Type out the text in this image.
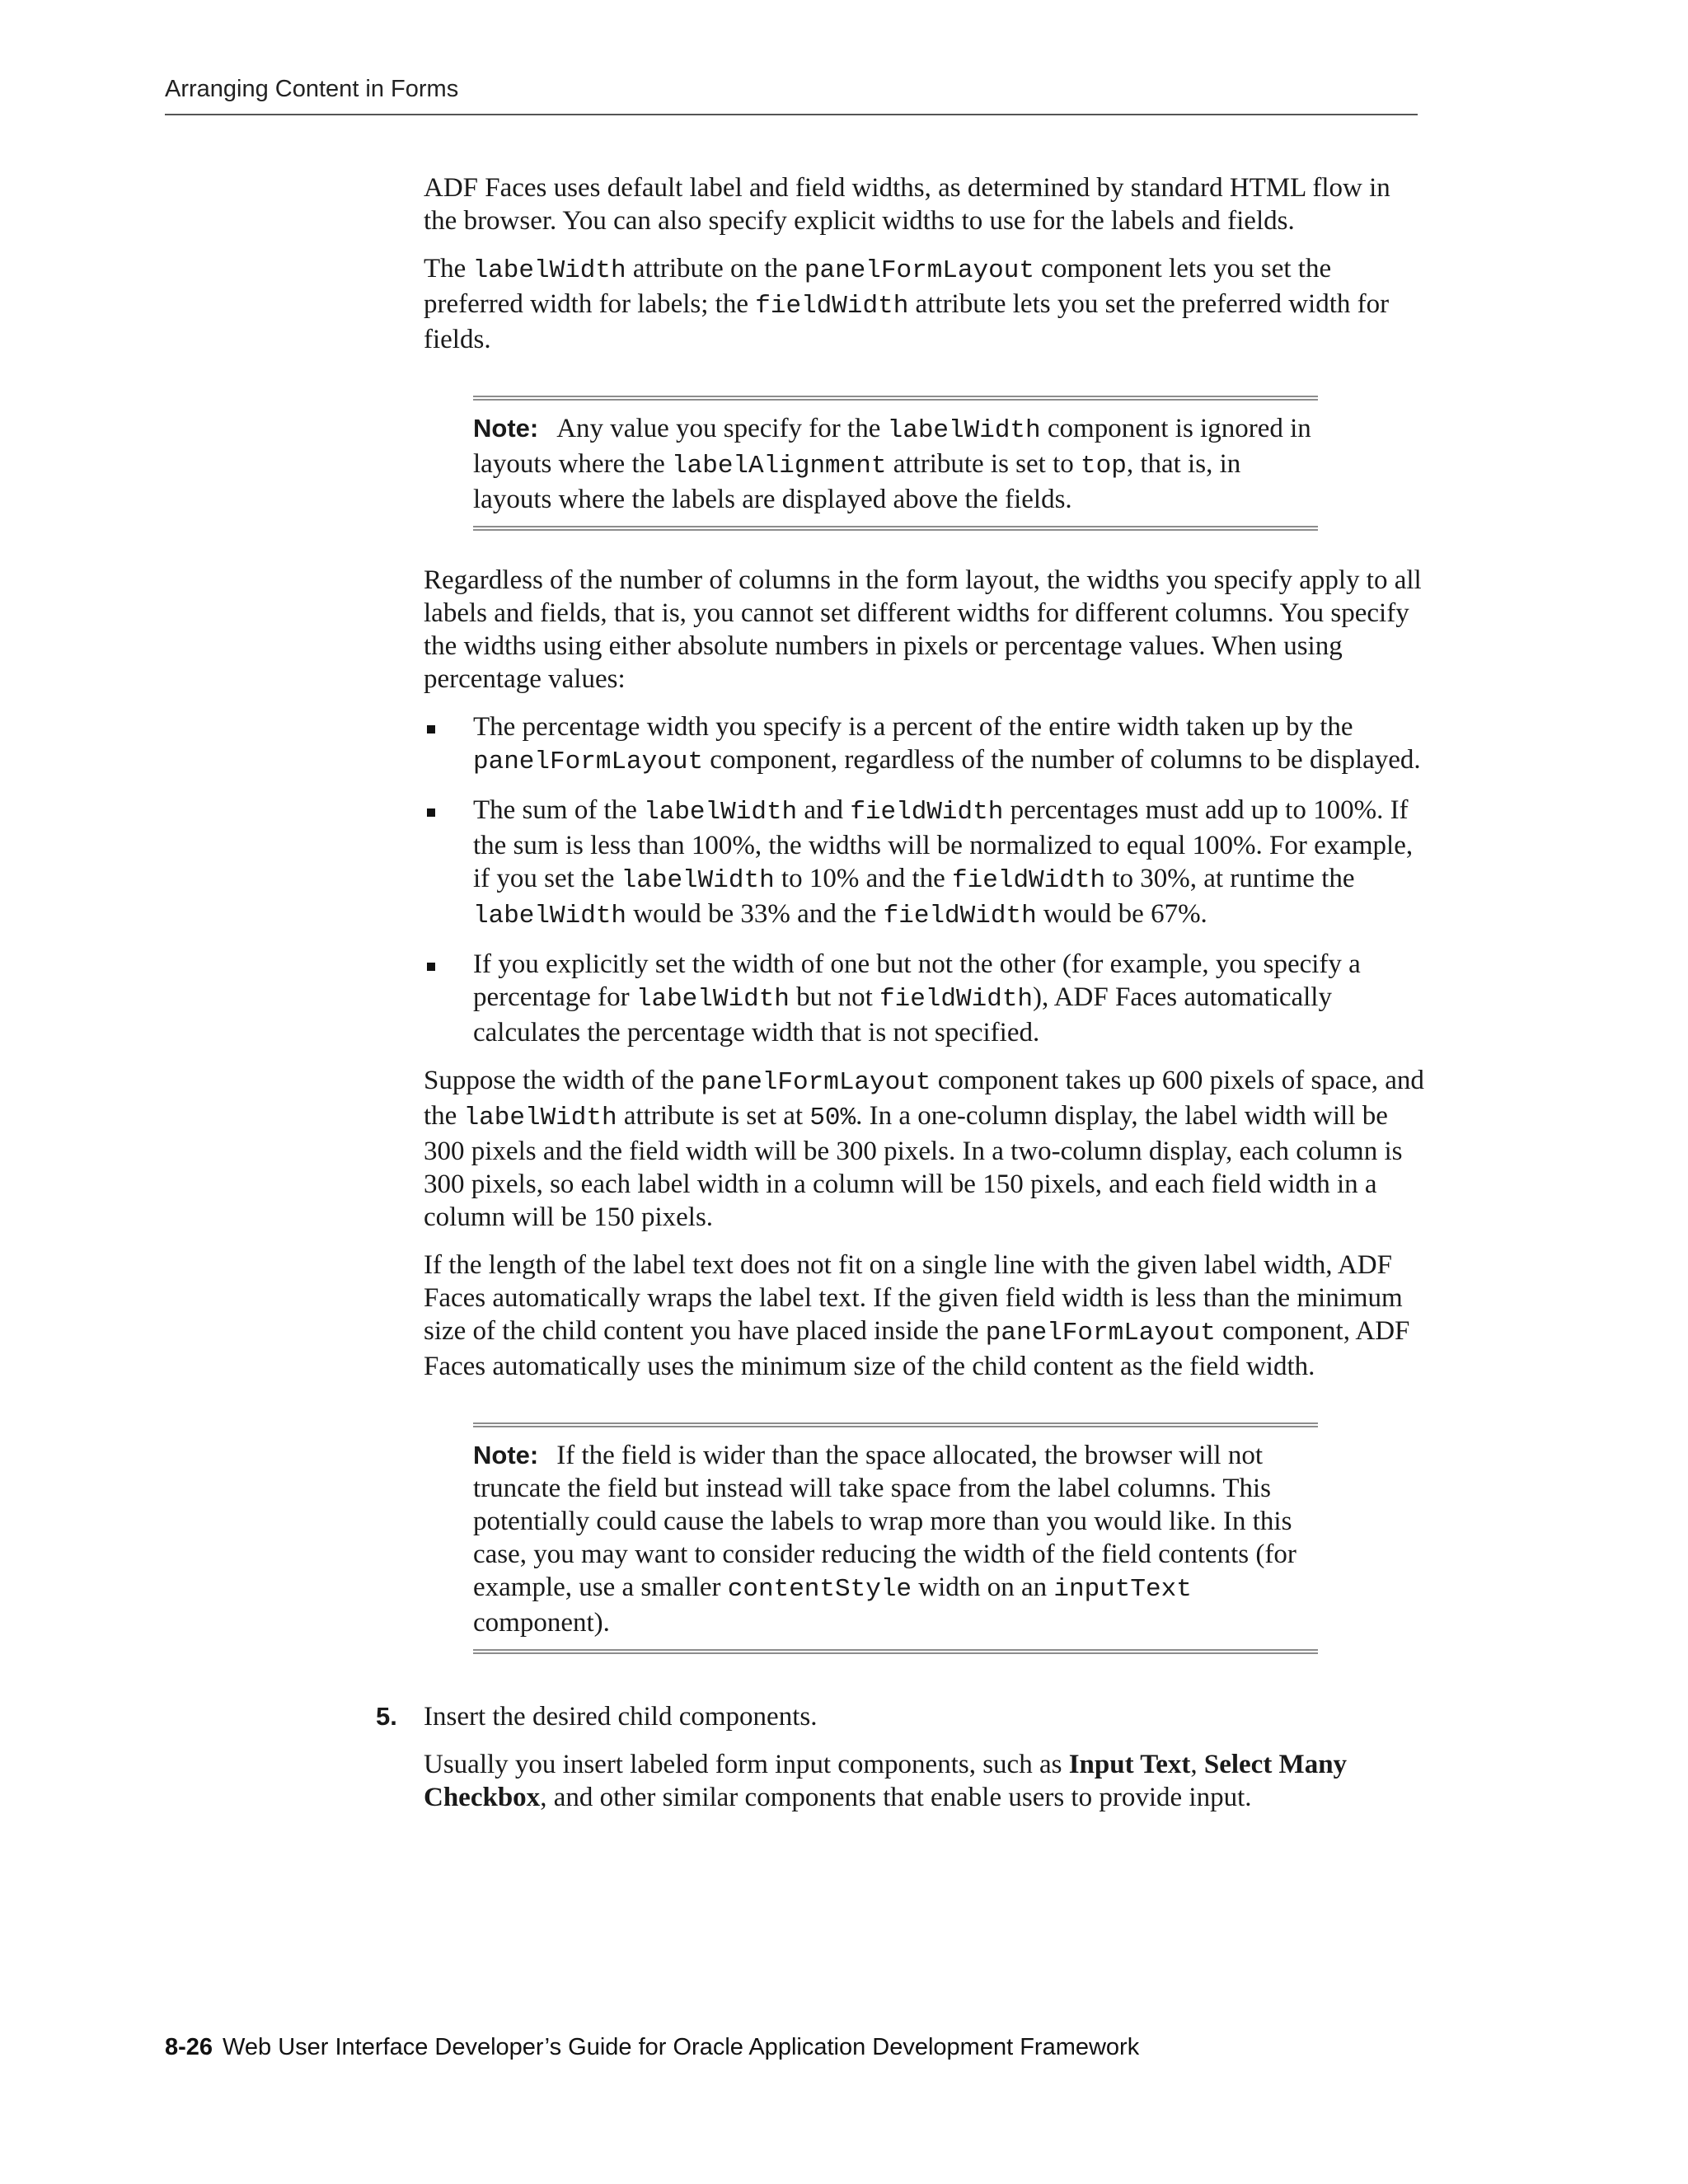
Arranging Content in Forms

ADF Faces uses default label and field widths, as determined by standard HTML flow in the browser. You can also specify explicit widths to use for the labels and fields.

The labelWidth attribute on the panelFormLayout component lets you set the preferred width for labels; the fieldWidth attribute lets you set the preferred width for fields.

Note: Any value you specify for the labelWidth component is ignored in layouts where the labelAlignment attribute is set to top, that is, in layouts where the labels are displayed above the fields.

Regardless of the number of columns in the form layout, the widths you specify apply to all labels and fields, that is, you cannot set different widths for different columns. You specify the widths using either absolute numbers in pixels or percentage values. When using percentage values:

The percentage width you specify is a percent of the entire width taken up by the panelFormLayout component, regardless of the number of columns to be displayed.
The sum of the labelWidth and fieldWidth percentages must add up to 100%. If the sum is less than 100%, the widths will be normalized to equal 100%. For example, if you set the labelWidth to 10% and the fieldWidth to 30%, at runtime the labelWidth would be 33% and the fieldWidth would be 67%.
If you explicitly set the width of one but not the other (for example, you specify a percentage for labelWidth but not fieldWidth), ADF Faces automatically calculates the percentage width that is not specified.

Suppose the width of the panelFormLayout component takes up 600 pixels of space, and the labelWidth attribute is set at 50%. In a one-column display, the label width will be 300 pixels and the field width will be 300 pixels. In a two-column display, each column is 300 pixels, so each label width in a column will be 150 pixels, and each field width in a column will be 150 pixels.

If the length of the label text does not fit on a single line with the given label width, ADF Faces automatically wraps the label text. If the given field width is less than the minimum size of the child content you have placed inside the panelFormLayout component, ADF Faces automatically uses the minimum size of the child content as the field width.

Note: If the field is wider than the space allocated, the browser will not truncate the field but instead will take space from the label columns. This potentially could cause the labels to wrap more than you would like. In this case, you may want to consider reducing the width of the field contents (for example, use a smaller contentStyle width on an inputText component).
5. Insert the desired child components.

Usually you insert labeled form input components, such as Input Text, Select Many Checkbox, and other similar components that enable users to provide input.

8-26 Web User Interface Developer’s Guide for Oracle Application Development Framework
